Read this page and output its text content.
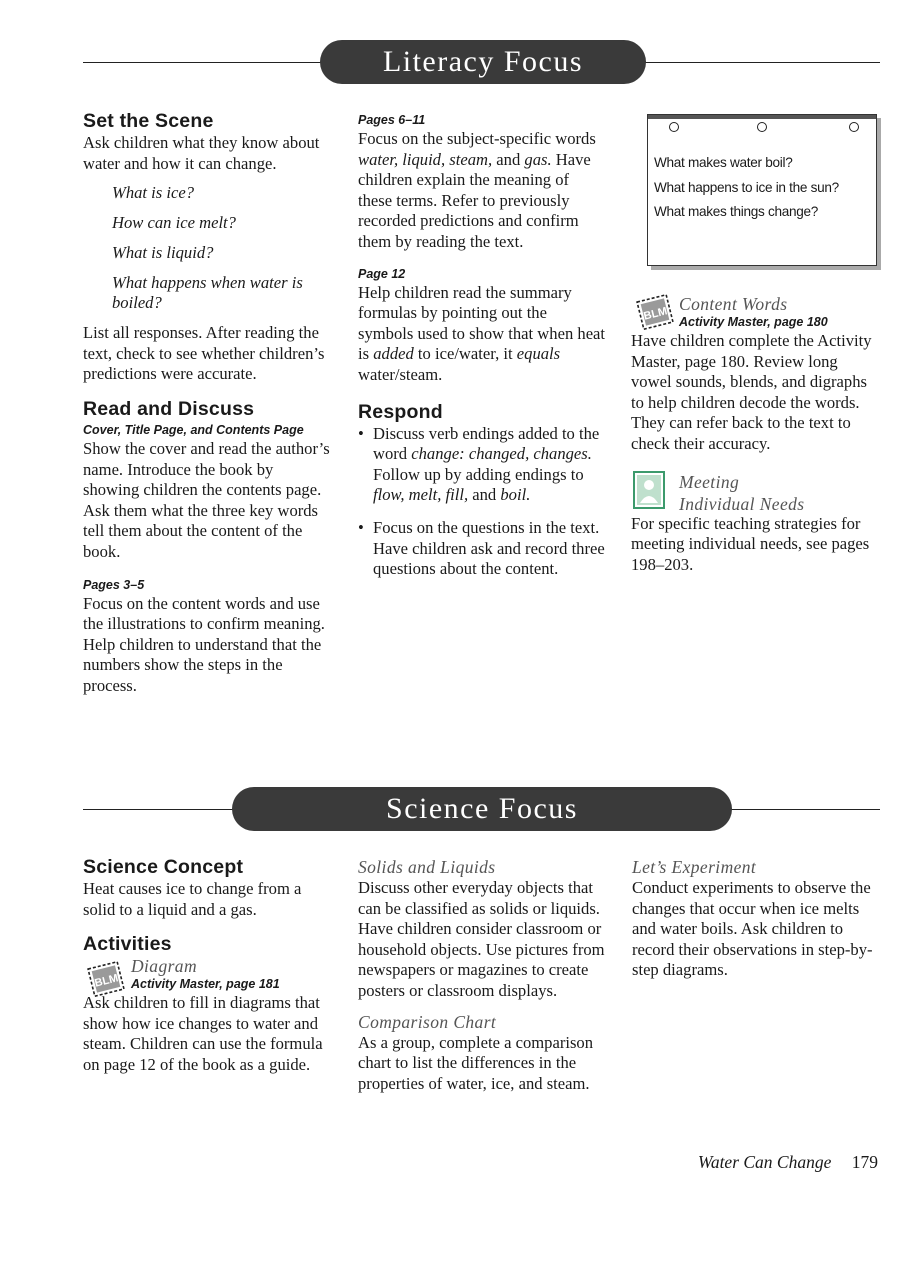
Literacy Focus
Set the Scene

Ask children what they know about water and how it can change.

What is ice?

How can ice melt?

What is liquid?

What happens when water is boiled?

List all responses. After reading the text, check to see whether children’s predictions were accurate.

Read and Discuss

Cover, Title Page, and Contents Page

Show the cover and read the author’s name. Introduce the book by showing children the contents page. Ask them what the three key words tell them about the content of the book.

Pages 3–5

Focus on the content words and use the illustrations to confirm meaning. Help children to understand that the numbers show the steps in the process.

Pages 6–11

Focus on the subject-specific words water, liquid, steam, and gas. Have children explain the meaning of these terms. Refer to previously recorded predictions and confirm them by reading the text.

Page 12

Help children read the summary formulas by pointing out the symbols used to show that when heat is added to ice/water, it equals water/steam.

Respond
• Discuss verb endings added to the word change: changed, changes. Follow up by adding endings to flow, melt, fill, and boil.
• Focus on the questions in the text. Have children ask and record three questions about the content.
What makes water boil?
What happens to ice in the sun?
What makes things change?
BLM Content Words

Activity Master, page 180

Have children complete the Activity Master, page 180. Review long vowel sounds, blends, and digraphs to help children decode the words. They can refer back to the text to check their accuracy.

Meeting

Individual Needs

For specific teaching strategies for meeting individual needs, see pages 198–203.

Science Focus
BLM
Science Concept

Heat causes ice to change from a solid to a liquid and a gas.

Activities

Diagram

Activity Master, page 181

Ask children to fill in diagrams that show how ice changes to water and steam. Children can use the formula on page 12 of the book as a guide.

Solids and Liquids

Discuss other everyday objects that can be classified as solids or liquids. Have children consider classroom or household objects. Use pictures from newspapers or magazines to create posters or classroom displays.

Comparison Chart

As a group, complete a comparison chart to list the differences in the properties of water, ice, and steam.

Let’s Experiment

Conduct experiments to observe the changes that occur when ice melts and water boils. Ask children to record their observations in step-by-step diagrams.

Water Can Change 179
